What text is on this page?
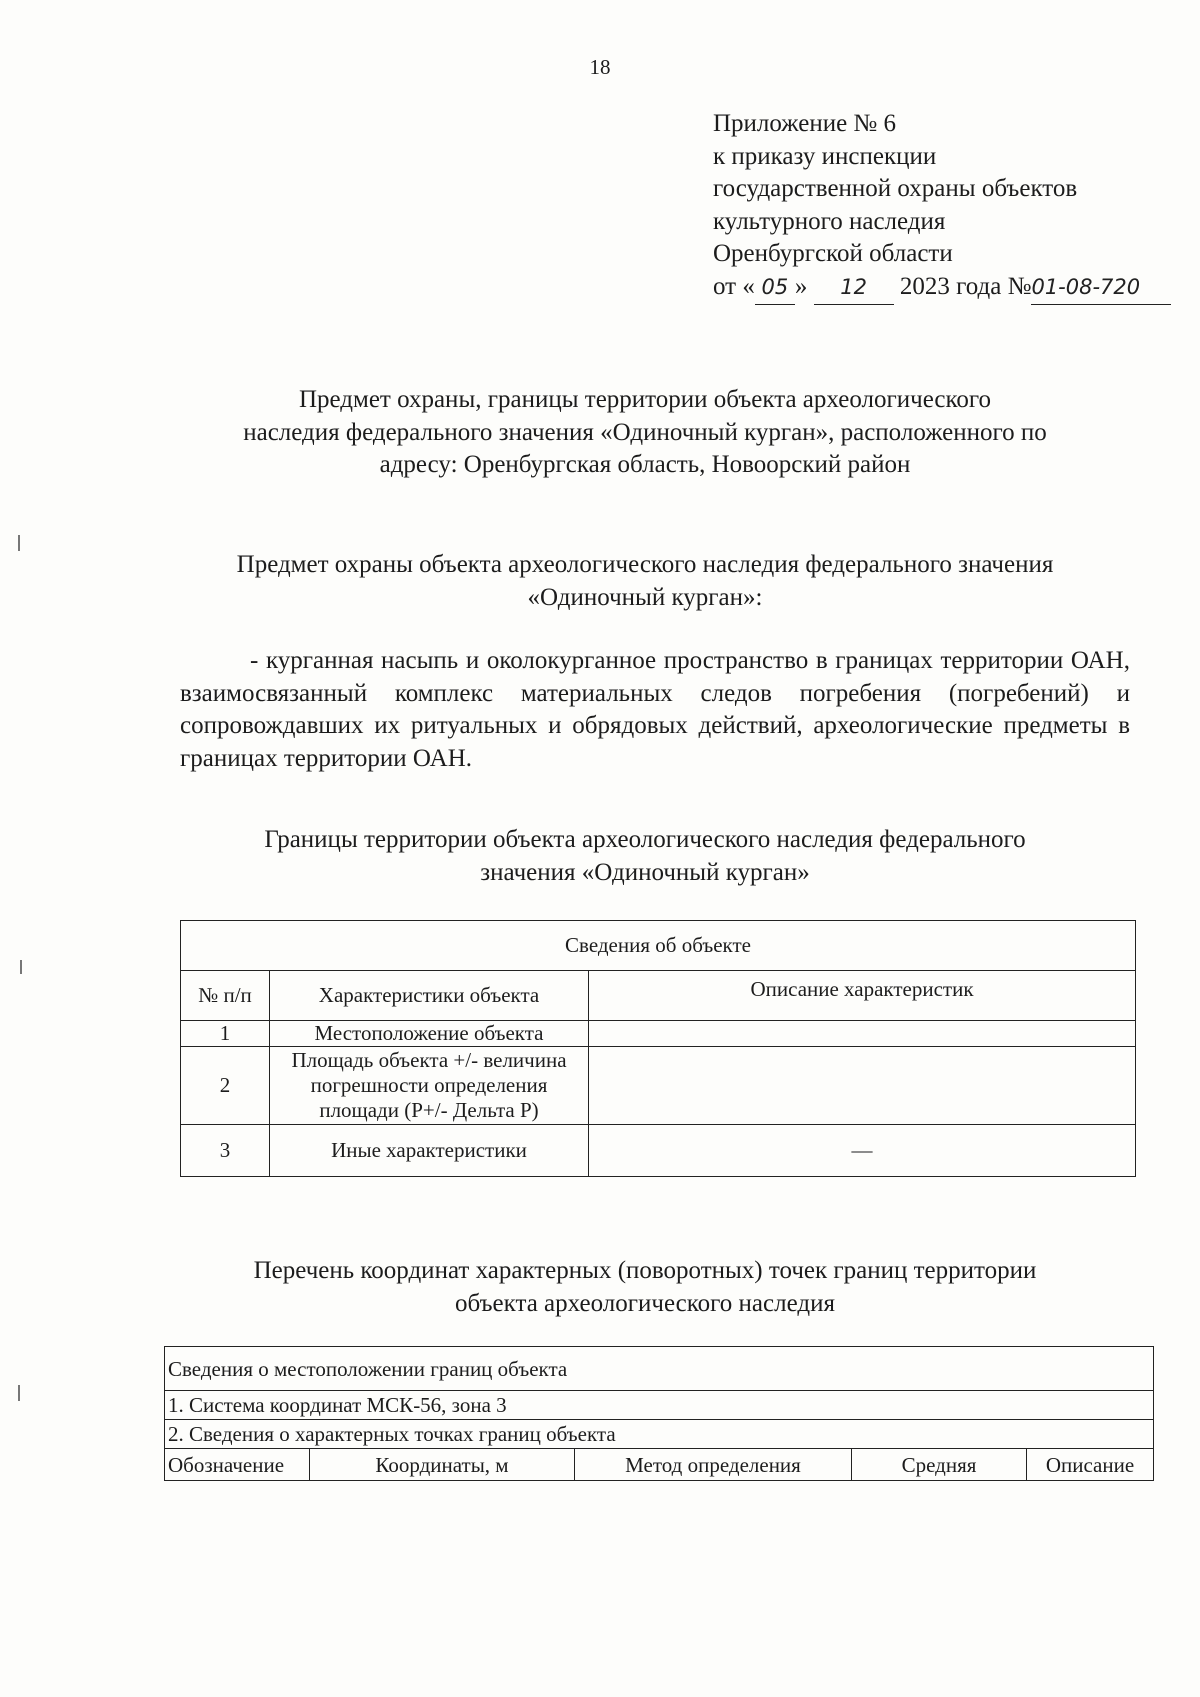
18
Приложение № 6
к приказу инспекции
государственной охраны объектов
культурного наследия
Оренбургской области
от « 05 » 12 2023 года №01-08-720
Предмет охраны, границы территории объекта археологического
наследия федерального значения «Одиночный курган», расположенного по
адресу: Оренбургская область, Новоорский район
Предмет охраны объекта археологического наследия федерального значения
«Одиночный курган»:
- курганная насыпь и околокурганное пространство в границах территории ОАН, взаимосвязанный комплекс материальных следов погребения (погребений) и сопровождавших их ритуальных и обрядовых действий, археологические предметы в границах территории ОАН.
Границы территории объекта археологического наследия федерального
значения «Одиночный курган»
Сведения об объекте		
№ п/п	Характеристики объекта	Описание характеристик
1	Местоположение объекта	
2	Площадь объекта +/- величина погрешности определения площади (Р+/- Дельта Р)	
3	Иные характеристики	—
Перечень координат характерных (поворотных) точек границ территории
объекта археологического наследия
Сведения о местоположении границ объекта
1. Система координат МСК-56, зона 3
2. Сведения о характерных точках границ объекта
Обозначение	Координаты, м	Метод определения	Средняя	Описание
